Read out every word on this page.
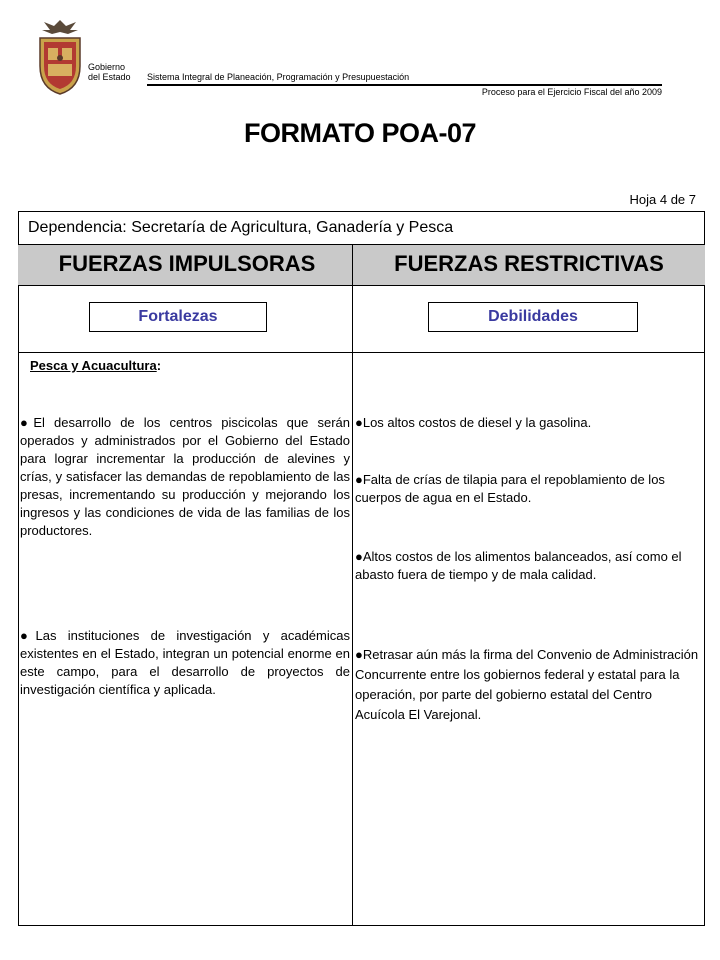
Gobierno
del Estado Sistema Integral de Planeación, Programación y Presupuestación
Proceso para el Ejercicio Fiscal del año 2009
FORMATO POA-07
Hoja 4 de 7
Dependencia: Secretaría de Agricultura, Ganadería y Pesca
FUERZAS IMPULSORAS	FUERZAS RESTRICTIVAS
Fortalezas	Debilidades
Pesca y Acuacultura:
●El desarrollo de los centros piscicolas que serán operados y administrados por el Gobierno del Estado para lograr incrementar la producción de alevines y crías, y satisfacer las demandas de repoblamiento de las presas, incrementando su producción y mejorando los ingresos y las condiciones de vida de las familias de los productores.
●Las instituciones de investigación y académicas existentes en el Estado, integran un potencial enorme en este campo, para el desarrollo de proyectos de investigación científica y aplicada.
●Los altos costos de diesel y la gasolina.
●Falta de crías de tilapia para el repoblamiento de los cuerpos de agua en el Estado.
●Altos costos de los alimentos balanceados, así como el abasto fuera de tiempo y de mala calidad.
●Retrasar aún más la firma del Convenio de Administración Concurrente entre los gobiernos federal y estatal para la operación, por parte del gobierno estatal del Centro Acuícola El Varejonal.
